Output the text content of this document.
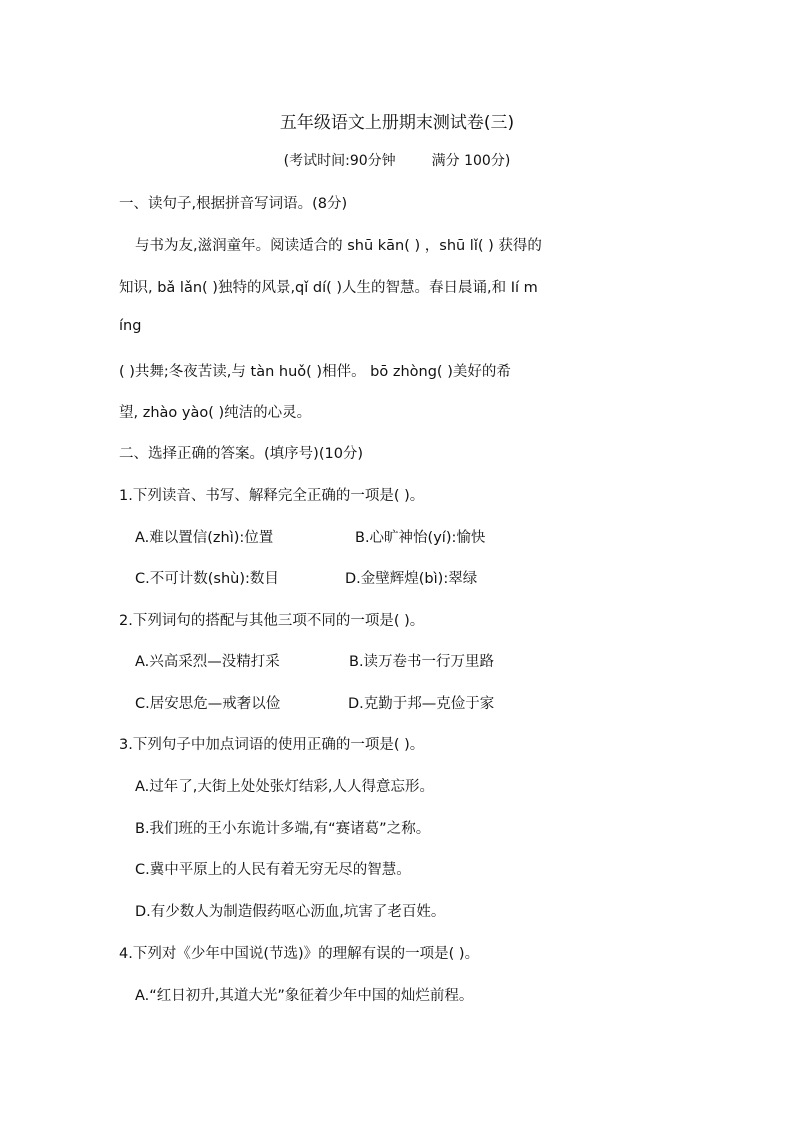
五年级语文上册期末测试卷(三)
(考试时间:90分钟	满分 100分)
一、读句子,根据拼音写词语。(8分)
与书为友,滋润童年。阅读适合的 shū kān( ) ，shū lǐ( ) 获得的
知识, bǎ lǎn( )独特的风景,qǐ dí( )人生的智慧。春日晨诵,和 Ií m
íng
( )共舞;冬夜苦读,与 tàn huǒ( )相伴。 bō zhòng( )美好的希
望, zhào yào( )纯洁的心灵。
二、选择正确的答案。(填序号)(10分)
1.下列读音、书写、解释完全正确的一项是( )。
A.难以置信(zhì):位置	B.心旷神怡(yí):愉快
C.不可计数(shù):数目	D.金壁辉煌(bì):翠绿
2.下列词句的搭配与其他三项不同的一项是( )。
A.兴高采烈—没精打采	B.读万卷书一行万里路
C.居安思危—戒奢以俭	D.克勤于邦—克俭于家
3.下列句子中加点词语的使用正确的一项是( )。
A.过年了,大街上处处张灯结彩,人人得意忘形。
B.我们班的王小东诡计多端,有“赛诸葛”之称。
C.冀中平原上的人民有着无穷无尽的智慧。
D.有少数人为制造假药呕心沥血,坑害了老百姓。
4.下列对《少年中国说(节选)》的理解有误的一项是( )。
A.“红日初升,其道大光”象征着少年中国的灿烂前程。
